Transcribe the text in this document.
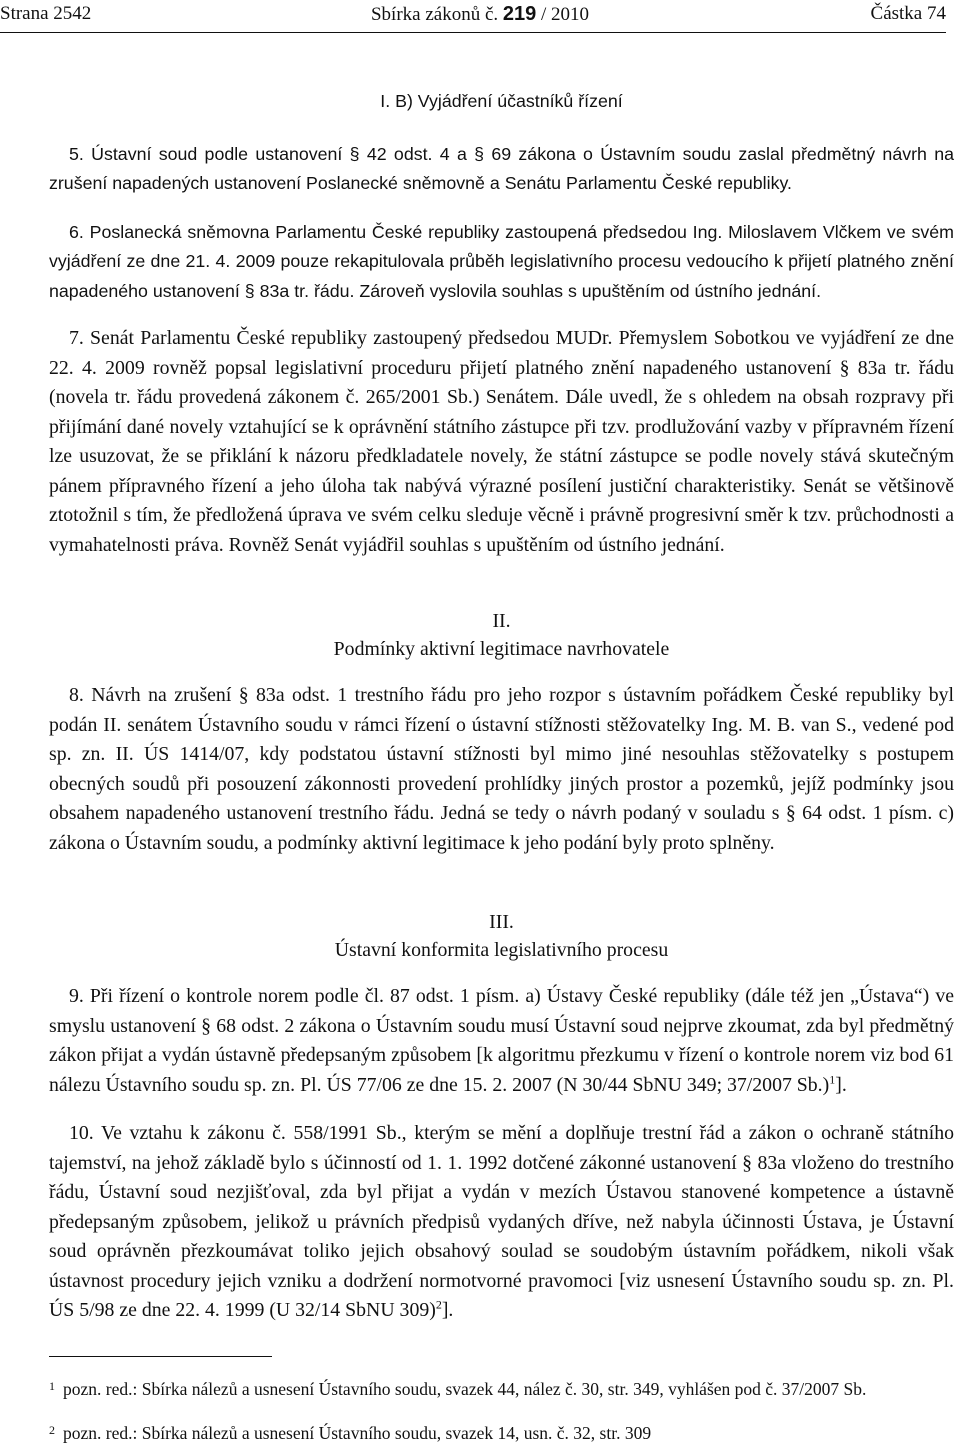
Strana 2542	Sbírka zákonů č. 219 / 2010	Částka 74

I. B) Vyjádření účastníků řízení

5. Ústavní soud podle ustanovení § 42 odst. 4 a § 69 zákona o Ústavním soudu zaslal předmětný návrh na zrušení napadených ustanovení Poslanecké sněmovně a Senátu Parlamentu České republiky.

6. Poslanecká sněmovna Parlamentu České republiky zastoupená předsedou Ing. Miloslavem Vlčkem ve svém vyjádření ze dne 21. 4. 2009 pouze rekapitulovala průběh legislativního procesu vedoucího k přijetí platného znění napadeného ustanovení § 83a tr. řádu. Zároveň vyslovila souhlas s upuštěním od ústního jednání.

7. Senát Parlamentu České republiky zastoupený předsedou MUDr. Přemyslem Sobotkou ve vyjádření ze dne 22. 4. 2009 rovněž popsal legislativní proceduru přijetí platného znění napadeného ustanovení § 83a tr. řádu (novela tr. řádu provedená zákonem č. 265/2001 Sb.) Senátem. Dále uvedl, že s ohledem na obsah rozpravy při přijímání dané novely vztahující se k oprávnění státního zástupce při tzv. prodlužování vazby v přípravném řízení lze usuzovat, že se přiklání k názoru předkladatele novely, že státní zástupce se podle novely stává skutečným pánem přípravného řízení a jeho úloha tak nabývá výrazné posílení justiční charakteristiky. Senát se většinově ztotožnil s tím, že předložená úprava ve svém celku sleduje věcně i právně progresivní směr k tzv. průchodnosti a vymahatelnosti práva. Rovněž Senát vyjádřil souhlas s upuštěním od ústního jednání.

II.

Podmínky aktivní legitimace navrhovatele

8. Návrh na zrušení § 83a odst. 1 trestního řádu pro jeho rozpor s ústavním pořádkem České republiky byl podán II. senátem Ústavního soudu v rámci řízení o ústavní stížnosti stěžovatelky Ing. M. B. van S., vedené pod sp. zn. II. ÚS 1414/07, kdy podstatou ústavní stížnosti byl mimo jiné nesouhlas stěžovatelky s postupem obecných soudů při posouzení zákonnosti provedení prohlídky jiných prostor a pozemků, jejíž podmínky jsou obsahem napadeného ustanovení trestního řádu. Jedná se tedy o návrh podaný v souladu s § 64 odst. 1 písm. c) zákona o Ústavním soudu, a podmínky aktivní legitimace k jeho podání byly proto splněny.

III.

Ústavní konformita legislativního procesu

9. Při řízení o kontrole norem podle čl. 87 odst. 1 písm. a) Ústavy České republiky (dále též jen „Ústava“) ve smyslu ustanovení § 68 odst. 2 zákona o Ústavním soudu musí Ústavní soud nejprve zkoumat, zda byl předmětný zákon přijat a vydán ústavně předepsaným způsobem [k algoritmu přezkumu v řízení o kontrole norem viz bod 61 nálezu Ústavního soudu sp. zn. Pl. ÚS 77/06 ze dne 15. 2. 2007 (N 30/44 SbNU 349; 37/2007 Sb.)$^1$].

10. Ve vztahu k zákonu č. 558/1991 Sb., kterým se mění a doplňuje trestní řád a zákon o ochraně státního tajemství, na jehož základě bylo s účinností od 1. 1. 1992 dotčené zákonné ustanovení § 83a vloženo do trestního řádu, Ústavní soud nezjišťoval, zda byl přijat a vydán v mezích Ústavou stanovené kompetence a ústavně předepsaným způsobem, jelikož u právních předpisů vydaných dříve, než nabyla účinnosti Ústava, je Ústavní soud oprávněn přezkoumávat toliko jejich obsahový soulad se soudobým ústavním pořádkem, nikoli však ústavnost procedury jejich vzniku a dodržení normotvorné pravomoci [viz usnesení Ústavního soudu sp. zn. Pl. ÚS 5/98 ze dne 22. 4. 1999 (U 32/14 SbNU 309)$^2$].

1 pozn. red.: Sbírka nálezů a usnesení Ústavního soudu, svazek 44, nález č. 30, str. 349, vyhlášen pod č. 37/2007 Sb.
2 pozn. red.: Sbírka nálezů a usnesení Ústavního soudu, svazek 14, usn. č. 32, str. 309
